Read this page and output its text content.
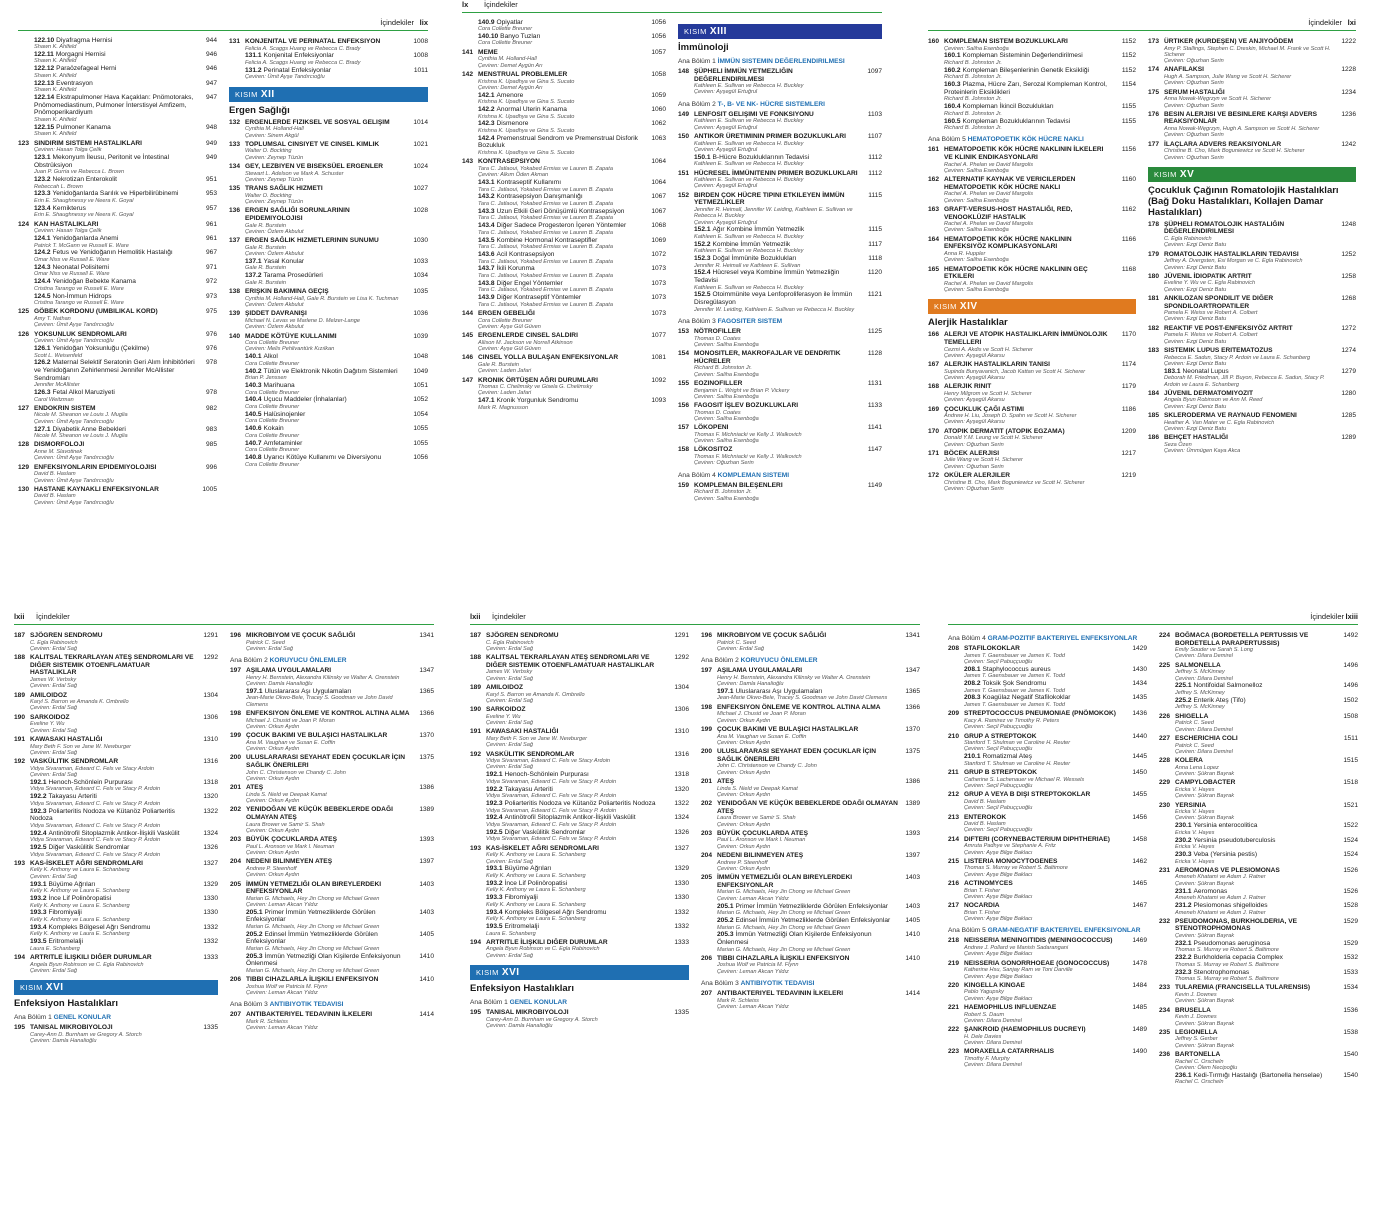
İçindekiler lix
122.10 Diyafragma Hernisi	944
Shawn K. Ahlfeld
122.11 Morgagni Hernisi	946
Shawn K. Ahlfeld
122.12 Paraözefageal Herni	946
Shawn K. Ahlfeld
122.13 Eventrasyon	947
Shawn K. Ahlfeld
122.14 Ekstrapulmoner Hava Kaçakları: Pnömotoraks, Pnömomediastinum, Pulmoner İnterstisyel Amfizem, Pnömoperikardiyum
947
Shawn K. Ahlfeld
122.15 Pulmoner Kanama	948
Shawn K. Ahlfeld
123 SINDIRIM SISTEMI HASTALIKLARI	949
Çeviren: Hasan Tolga Çelik
123.1 Mekonyum İleusu, Peritonit ve İntestinal Obstrüksiyon
949
Juan P. Gurria ve Rebecca L. Brown
123.2 Nekrotizan Enterokolit	951
Rebeccah L. Brown
123.3 Yenidoğanlarda Sarılık ve Hiperbilirübinemi	953
Erin E. Shaughnessy ve Neera K. Goyal
123.4 Kernikterus	957
Erin E. Shaughnessy ve Neera K. Goyal
124 KAN HASTALIKLARI	961
Çeviren: Hasan Tolga Çelik
124.1 Yenidoğanlarda Anemi	961
Patrick T. McGann ve Russell E. Ware
124.2 Fetus ve Yenidoğanın Hemolitik Hastalığı	967
Omar Niss ve Russell E. Ware
124.3 Neonatal Polisitemi	971
Omar Niss ve Russell E. Ware
124.4 Yenidoğan Bebekte Kanama	972
Cristina Tarango ve Russell E. Ware
124.5 Non-İmmun Hidrops	973
Cristina Tarango ve Russell E. Ware
125 GÖBEK KORDONU (UMBILIKAL KORD)	975
Amy T. Nathan
Çeviren: Ümit Ayşe Tandırcıoğlu
126 YOKSUNLUK SENDROMLARI	976
Çeviren: Ümit Ayşe Tandırcıoğlu
126.1 Yenidoğan Yoksunluğu (Çekilme)	976
Scott L. Weisenfeld
126.2 Maternal Selektif Seratonin Geri Alım İnhibitörleri ve Yenidoğanın Zehirlenmesi Jennifer McAllister Sendromları
978
Jennifer McAllister
126.3 Fetal Alkol Maruziyeti	978
Carol Weitzman
127 ENDOKRIN SISTEM	982
Nicole M. Sheanon ve Louis J. Muglia
Çeviren: Ümit Ayşe Tandırcıoğlu
127.1 Diyabetik Anne Bebekleri	983
Nicole M. Sheanon ve Louis J. Muglia
128 DISMORFOLOJI	985
Anne M. Slavotinek
Çeviren: Ümit Ayşe Tandırcıoğlu
129 ENFEKSIYONLARIN EPIDEMIYOLOJISI	996
David B. Haslam
Çeviren: Ümit Ayşe Tandırcıoğlu
130 HASTANE KAYNAKLI ENFEKSIYONLAR	1005
David B. Haslam
Çeviren: Ümit Ayşe Tandırcıoğlu
131 KONJENITAL VE PERINATAL ENFEKSIYON	1008
Felicia A. Scaggs Huang ve Rebecca C. Brady
131.1 Konjenital Enfeksiyonlar	1008
Felicia A. Scaggs Huang ve Rebecca C. Brady
131.2 Perinatal Enfeksiyonlar	1011
Çeviren: Ümit Ayşe Tandırcıoğlu
KISIM XII
Ergen Sağlığı
132 ERGENLERDE FIZIKSEL VE SOSYAL GELIŞIM	1014
Cynthia M. Holland-Hall
Çeviren: Sinem Akgül
133 TOPLUMSAL CINSIYET VE CINSEL KIMLIK	1021
Walter O. Bockting
Çeviren: Zeynep Tüzün
134 GEY, LEZBIYEN VE BISEKSÜEL ERGENLER	1024
Stewart L. Adelson ve Mark A. Schuster
Çeviren: Zeynep Tüzün
135 TRANS SAĞLIK HIZMETI	1027
Walter O. Bockting
Çeviren: Zeynep Tüzün
136 ERGEN SAĞLIĞI SORUNLARININ EPIDEMIYOLOJISI
1028
Gale R. Burstein
Çeviren: Özlem Akbulut
137 ERGEN SAĞLIK HIZMETLERININ SUNUMU	1030
Gale R. Burstein
Çeviren: Özlem Akbulut
137.1 Yasal Konular	1033
Gale R. Burstein
137.2 Tarama Prosedürleri	1034
Gale R. Burstein
138 ERIŞKIN BAKIMINA GEÇIŞ	1035
Cynthia M. Holland-Hall, Gale R. Burstein ve Lisa K. Tuchman
Çeviren: Özlem Akbulut
139 ŞIDDET DAVRANIŞI	1036
Michael N. Levas ve Marlene D. Melzer-Lange
Çeviren: Özlem Akbulut
140 MADDE KÖTÜYE KULLANIMI	1039
Cora Collette Breuner
Çeviren: Melis Pehlivantürk Kızılkan
140.1 Alkol	1048
Cora Collette Breuner
140.2 Tütün ve Elektronik Nikotin Dağıtım Sistemleri	1049
Brian P. Jenssen
140.3 Marihuana	1051
Cora Collette Breuner
140.4 Uçucu Maddeler (İnhalanlar)	1052
Cora Collette Breuner
140.5 Halüsinojenler	1054
Cora Collette Breuner
140.6 Kokain	1055
Cora Collette Breuner
140.7 Amfetaminler	1055
Cora Collette Breuner
140.8 Uyarıcı Kötüye Kullanımı ve Diversiyonu	1056
Cora Collette Breuner
İçindekiler
lx
140.9 Opiyatlar	1056
Cora Collette Breuner
140.10 Banyo Tuzları	1056
Cora Collette Breuner
141 MEME	1057
Cynthia M. Holland-Hall
Çeviren: Demet Aygün Arı
142 MENSTRUAL PROBLEMLER	1058
Krishna K. Upadhya ve Gina S. Sucato
Çeviren: Demet Aygün Arı
142.1 Amenore	1059
Krishna K. Upadhya ve Gina S. Sucato
142.2 Anormal Uterin Kanama	1060
Krishna K. Upadhya ve Gina S. Sucato
142.3 Dismenore	1062
Krishna K. Upadhya ve Gina S. Sucato
142.4 Premenstrual Sendrom ve Premenstrual Disforik Bozukluk
1063
Krishna K. Upadhya ve Gina S. Sucato
143 KONTRASEPSIYON	1064
Tara C. Jatlaoui, Yokabed Ermias ve Lauren B. Zapata
Çeviren: Alkım Öden Akman
143.1 Kontraseptif Kullanımı	1064
Tara C. Jatlaoui, Yokabed Ermias ve Lauren B. Zapata
143.2 Kontrasepsiyon Danışmanlığı	1067
Tara C. Jatlaoui, Yokabed Ermias ve Lauren B. Zapata
143.3 Uzun Etkili Geri Dönüşümlü Kontrasepsiyon	1067
Tara C. Jatlaoui, Yokabed Ermias ve Lauren B. Zapata
143.4 Diğer Sadece Progesteron İçeren Yöntemler	1068
Tara C. Jatlaoui, Yokabed Ermias ve Lauren B. Zapata
143.5 Kombine Hormonal Kontraseptifler	1069
Tara C. Jatlaoui, Yokabed Ermias ve Lauren B. Zapata
143.6 Acil Kontrasepsiyon	1072
Tara C. Jatlaoui, Yokabed Ermias ve Lauren B. Zapata
143.7 İkili Korunma	1073
Tara C. Jatlaoui, Yokabed Ermias ve Lauren B. Zapata
143.8 Diğer Engel Yöntemler	1073
Tara C. Jatlaoui, Yokabed Ermias ve Lauren B. Zapata
143.9 Diğer Kontraseptif Yöntemler	1073
Tara C. Jatlaoui, Yokabed Ermias ve Lauren B. Zapata
144 ERGEN GEBELIĞI	1073
Cora Collette Breuner
Çeviren: Ayşe Gül Güven
145 ERGENLERDE CINSEL SALDIRI	1077
Allison M. Jackson ve Norrell Atkinson
Çeviren: Ayşe Gül Güven
146 CINSEL YOLLA BULAŞAN ENFEKSIYONLAR	1081
Gale R. Burstein
Çeviren: Laden Jafari
147 KRONIK ÖRTÜŞEN AĞRI DURUMLARI	1092
Thomas C. Chelimsky ve Gisela G. Chelimsky
Çeviren: Laden Jafari
147.1 Kronik Yorgunluk Sendromu	1093
Mark R. Magnusson
KISIM XIII
İmmünoloji
Ana Bölüm 1 İMMÜN SISTEMIN DEĞERLENDIRILMESI
148 ŞÜPHELI İMMÜN YETMEZLIĞIN DEĞERLENDIRILMESI
1097
Kathleen E. Sullivan ve Rebecca H. Buckley
Çeviren: Ayşegül Ertuğrul
Ana Bölüm 2 T-, B- VE NK- HÜCRE SISTEMLERI
149 LENFOSIT GELIŞIMI VE FONKSIYONU	1103
Kathleen E. Sullivan ve Rebecca H. Buckley
Çeviren: Ayşegül Ertuğrul
150 ANTIKOR ÜRETIMININ PRIMER BOZUKLUKLARI	1107
Kathleen E. Sullivan ve Rebecca H. Buckley
Çeviren: Ayşegül Ertuğrul
150.1 B-Hücre Bozukluklarının Tedavisi	1112
Kathleen E. Sullivan ve Rebecca H. Buckley
151 HÜCRESEL İMMÜNITENIN PRIMER BOZUKLUKLARI	1112
Kathleen E. Sullivan ve Rebecca H. Buckley
Çeviren: Ayşegül Ertuğrul
152 BIRDEN ÇOK HÜCRE TIPINI ETKILEYEN İMMÜN YETMEZLIKLER
1115
Jennifer R. Heimall, Jennifer W. Leiding, Kathleen E. Sullivan ve Rebecca H. Buckley
Çeviren: Ayşegül Ertuğrul
152.1 Ağır Kombine İmmün Yetmezlik	1115
Kathleen E. Sullivan ve Rebecca H. Buckley
152.2 Kombine İmmün Yetmezlik	1117
Kathleen E. Sullivan ve Rebecca H. Buckley
152.3 Doğal İmmünite Bozuklukları	1118
Jennifer R. Heimall ve Kathleen E. Sullivan
152.4 Hücresel veya Kombine İmmün Yetmezliğin Tedavisi
1120
Kathleen E. Sullivan ve Rebecca H. Buckley
152.5 Otoimmünite veya Lenfoproliferasyon ile İmmün Disregülasyon
1121
Jennifer W. Leiding, Kathleen E. Sullivan ve Rebecca H. Buckley
Ana Bölüm 3 FAGOSITER SISTEM
153 NÖTROFILLER	1125
Thomas D. Coates
Çeviren: Saliha Esenboğa
154 MONOSITLER, MAKROFAJLAR VE DENDRITIK HÜCRELER
1128
Richard B. Johnston Jr.
Çeviren: Saliha Esenboğa
155 EOZINOFILLER	1131
Benjamin L. Wright ve Brian P. Vickery
Çeviren: Saliha Esenboğa
156 FAGOSIT İŞLEV BOZUKLUKLARI	1133
Thomas D. Coates
Çeviren: Saliha Esenboğa
157 LÖKOPENI	1141
Thomas F. Michniacki ve Kelly J. Walkovich
Çeviren: Saliha Esenboğa
158 LÖKOSITOZ	1147
Thomas F. Michniacki ve Kelly J. Walkovich
Çeviren: Oğuzhan Serin
Ana Bölüm 4 KOMPLEMAN SISTEMI
159 KOMPLEMAN BILEŞENLERI	1149
Richard B. Johnston Jr.
Çeviren: Saliha Esenboğa
İçindekiler lxi
160 KOMPLEMAN SISTEM BOZUKLUKLARI	1152
Çeviren: Saliha Esenboğa
160.1 Kompleman Sisteminin Değerlendirilmesi	1152
Richard B. Johnston Jr.
160.2 Kompleman Bileşenlerinin Genetik Eksikliği	1152
Richard B. Johnston Jr.
160.3 Plazma, Hücre Zarı, Serozal Kompleman Kontrol, Proteinlerin Eksiklikleri
1154
Richard B. Johnston Jr.
160.4 Kompleman İkincil Bozuklukları	1155
Richard B. Johnston Jr.
160.5 Kompleman Bozukluklarının Tedavisi	1155
Richard B. Johnston Jr.
Ana Bölüm 5 HEMATOPOETIK KÖK HÜCRE NAKLI
161 HEMATOPOETIK KÖK HÜCRE NAKLININ İLKELERI VE KLINIK ENDIKASYONLARI
1156
Rachel A. Phelan ve David Margolis
Çeviren: Saliha Esenboğa
162 ALTERNATIF KAYNAK VE VERICILERDEN HEMATOPOETIK KÖK HÜCRE NAKLI
1160
Rachel A. Phelan ve David Margolis
Çeviren: Saliha Esenboğa
163 GRAFT-VERSUS-HOST HASTALIĞI, RED, VENOOKLÜZIF HASTALIK
1162
Rachel A. Phelan ve David Margolis
Çeviren: Saliha Esenboğa
164 HEMATOPOETIK KÖK HÜCRE NAKLININ ENFEKSIYÖZ KOMPLIKASYONLARI
1166
Anna R. Huppler
Çeviren: Saliha Esenboğa
165 HEMATOPOETIK KÖK HÜCRE NAKLININ GEÇ ETKILERI
1168
Rachel A. Phelan ve David Margolis
Çeviren: Saliha Esenboğa
KISIM XIV
Alerjik Hastalıklar
166 ALERJI VE ATOPIK HASTALIKLARIN İMMÜNOLOJIK TEMELLERI
1170
Cezmi A. Akdis ve Scott H. Sicherer
Çeviren: Ayşegül Akarsu
167 ALERJIK HASTALIKLARIN TANISI	1174
Supinda Bunyavanich, Jacob Kattan ve Scott H. Sicherer
Çeviren: Ayşegül Akarsu
168 ALERJIK RINIT	1179
Henry Milgrom ve Scott H. Sicherer
Çeviren: Ayşegül Akarsu
169 ÇOCUKLUK ÇAĞI ASTIMI	1186
Andrew H. Liu, Joseph D. Spahn ve Scott H. Sicherer
Çeviren: Ayşegül Akarsu
170 ATOPIK DERMATIT (ATOPIK EGZAMA)	1209
Donald Y.M. Leung ve Scott H. Sicherer
Çeviren: Oğuzhan Serin
171 BÖCEK ALERJISI	1217
Julie Wang ve Scott H. Sicherer
Çeviren: Oğuzhan Serin
172 OKÜLER ALERJILER	1219
Christine B. Cho, Mark Boguniewicz ve Scott H. Sicherer
Çeviren: Oğuzhan Serin
173 ÜRTIKER (KURDEŞEN) VE ANJIYOÖDEM	1222
Amy P. Stallings, Stephen C. Dreskin, Michael M. Frank ve Scott H. Sicherer
Çeviren: Oğuzhan Serin
174 ANAFILAKSI	1228
Hugh A. Sampson, Julie Wang ve Scott H. Sicherer
Çeviren: Oğuzhan Serin
175 SERUM HASTALIĞI	1234
Anna Nowak-Węgrzyn ve Scott H. Sicherer
Çeviren: Oğuzhan Serin
176 BESIN ALERJISI VE BESINLERE KARŞI ADVERS REAKSIYONLAR
1236
Anna Nowak-Węgrzyn, Hugh A. Sampson ve Scott H. Sicherer
Çeviren: Oğuzhan Serin
177 İLAÇLARA ADVERS REAKSIYONLAR	1242
Christine B. Cho, Mark Boguniewicz ve Scott H. Sicherer
Çeviren: Oğuzhan Serin
KISIM XV
Çocukluk Çağının Romatolojik Hastalıkları (Bağ Doku Hastalıkları, Kollajen Damar Hastalıkları)
178 ŞÜPHELI ROMATOLOJIK HASTALIĞIN DEĞERLENDIRILMESI
1248
C. Egla Rabinovich
Çeviren: Ezgi Deniz Batu
179 ROMATOLOJIK HASTALIKLARIN TEDAVISI	1252
Jeffrey A. Dvergsten, Esi Morgan ve C. Egla Rabinovich
Çeviren: Ezgi Deniz Batu
180 JÜVENIL İDIOPATIK ARTRIT	1258
Eveline Y. Wu ve C. Egla Rabinovich
Çeviren: Ezgi Deniz Batu
181 ANKILOZAN SPONDILIT VE DIĞER SPONDILOARTROPATILER
1268
Pamela F. Weiss ve Robert A. Colbert
Çeviren: Ezgi Deniz Batu
182 REAKTIF VE POST-ENFEKSIYÖZ ARTRIT	1272
Pamela F. Weiss ve Robert A. Colbert
Çeviren: Ezgi Deniz Batu
183 SISTEMIK LUPUS ERITEMATOZUS	1274
Rebecca E. Sadun, Stacy P. Ardoin ve Laura E. Schanberg
Çeviren: Ezgi Deniz Batu
183.1 Neonatal Lupus	1279
Deborah M. Friedman, Jill P. Buyon, Rebecca E. Sadun, Stacy P. Ardoin ve Laura E. Schanberg
184 JÜVENIL DERMATOMIYOZIT	1280
Angela Byun Robinson ve Ann M. Reed
Çeviren: Ezgi Deniz Batu
185 SKLERODERMA VE RAYNAUD FENOMENI	1285
Heather A. Van Mater ve C. Egla Rabinovich
Çeviren: Ezgi Deniz Batu
186 BEHÇET HASTALIĞI	1289
Seza Özen
Çeviren: Ümmügen Kaya Akca
İçindekiler
lxii
187 SJÖGREN SENDROMU	1291
C. Egla Rabinovich
Çeviren: Erdal Sağ
188 KALITSAL TEKRARLAYAN ATEŞ SENDROMLARI VE DIĞER SISTEMIK OTOENFLAMATUAR HASTALIKLAR
1292
James W. Verbsky
Çeviren: Erdal Sağ
189 AMILOIDOZ	1304
Karyl S. Barron ve Amanda K. Ombrello
Çeviren: Erdal Sağ
190 SARKOIDOZ	1306
Eveline Y. Wu
Çeviren: Erdal Sağ
191 KAWASAKI HASTALIĞI	1310
Mary Beth F. Son ve Jane W. Newburger
Çeviren: Erdal Sağ
192 VASKÜLITIK SENDROMLAR	1316
Vidya Sivaraman, Edward C. Fels ve Stacy Ardoin
Çeviren: Erdal Sağ
192.1 Henoch-Schönlein Purpurası	1318
Vidya Sivaraman, Edward C. Fels ve Stacy P. Ardoin
192.2 Takayasu Arteriti	1320
Vidya Sivaraman, Edward C. Fels ve Stacy P. Ardoin
192.3 Poliarteritis Nodoza ve Kütanöz Poliarteritis Nodoza
1322
Vidya Sivaraman, Edward C. Fels ve Stacy P. Ardoin
192.4 Antinötrofil Sitoplazmik Antikor-İlişkili Vaskülit	1324
Vidya Sivaraman, Edward C. Fels ve Stacy P. Ardoin
192.5 Diğer Vaskülitik Sendromlar	1326
Vidya Sivaraman, Edward C. Fels ve Stacy P. Ardoin
193 KAS-İSKELET AĞRI SENDROMLARI	1327
Kelly K. Anthony ve Laura E. Schanberg
Çeviren: Erdal Sağ
193.1 Büyüme Ağrıları	1329
Kelly K. Anthony ve Laura E. Schanberg
193.2 İnce Lif Polinöropatisi	1330
Kelly K. Anthony ve Laura E. Schanberg
193.3 Fibromiyalji	1330
Kelly K. Anthony ve Laura E. Schanberg
193.4 Kompleks Bölgesel Ağrı Sendromu	1332
Kelly K. Anthony ve Laura E. Schanberg
193.5 Eritromelalji	1332
Laura E. Schanberg
194 ARTRITLE İLIŞKILI DIĞER DURUMLAR	1333
Angela Byun Robinson ve C. Egla Rabinovich
Çeviren: Erdal Sağ
KISIM XVI
Enfeksiyon Hastalıkları
Ana Bölüm 1 GENEL KONULAR
195 TANISAL MIKROBIYOLOJI	1335
Carey-Ann D. Burnham ve Gregory A. Storch
Çeviren: Damla Hanalioğlu
196 MIKROBIYOM VE ÇOCUK SAĞLIĞI	1341
Patrick C. Seed
Çeviren: Erdal Sağ
Ana Bölüm 2 KORUYUCU ÖNLEMLER
197 AŞILAMA UYGULAMALARI	1347
Henry H. Bernstein, Alexandra Kilinsky ve Walter A. Orenstein
Çeviren: Damla Hanalioğlu
197.1 Uluslararası Aşı Uygulamaları	1365
Jean-Marie Okwo-Bele, Tracey S. Goodman ve John David Clemens
198 ENFEKSIYON ÖNLEME VE KONTROL ALTINA ALMA	1366
Michael J. Chusid ve Joan P. Moran
Çeviren: Orkun Aydın
199 ÇOCUK BAKIMI VE BULAŞICI HASTALIKLAR	1370
Ana M. Vaughan ve Susan E. Coffin
Çeviren: Orkun Aydın
200 ULUSLARARASI SEYAHAT EDEN ÇOCUKLAR İÇIN SAĞLIK ÖNERILERI
1375
John C. Christenson ve Chandy C. John
Çeviren: Orkun Aydın
201 ATEŞ	1386
Linda S. Nield ve Deepak Kamat
Çeviren: Orkun Aydın
202 YENIDOĞAN VE KÜÇÜK BEBEKLERDE ODAĞI OLMAYAN ATEŞ
1389
Laura Brower ve Samir S. Shah
Çeviren: Orkun Aydın
203 BÜYÜK ÇOCUKLARDA ATEŞ	1393
Paul L. Aronson ve Mark I. Neuman
Çeviren: Orkun Aydın
204 NEDENI BILINMEYEN ATEŞ	1397
Andrew P. Steenhoff
Çeviren: Orkun Aydın
205 İMMÜN YETMEZLIĞI OLAN BIREYLERDEKI ENFEKSIYONLAR
1403
Marian G. Michaels, Hey Jin Chong ve Michael Green
Çeviren: Leman Akcan Yıldız
205.1 Primer İmmün Yetmezliklerde Görülen Enfeksiyonlar
1403
Marian G. Michaels, Hey Jin Chong ve Michael Green
205.2 Edinsel İmmün Yetmezliklerde Görülen Enfeksiyonlar
1405
Marian G. Michaels, Hey Jin Chong ve Michael Green
205.3 İmmün Yetmezliği Olan Kişilerde Enfeksiyonun Önlenmesi
1410
Marian G. Michaels, Hey Jin Chong ve Michael Green
206 TIBBI CIHAZLARLA İLIŞKILI ENFEKSIYON	1410
Joshua Wolf ve Patricia M. Flynn
Çeviren: Leman Akcan Yıldız
Ana Bölüm 3 ANTIBIYOTIK TEDAVISI
207 ANTIBAKTERIYEL TEDAVININ İLKELERI	1414
Mark R. Schleiss
Çeviren: Leman Akcan Yıldız
İçindekiler
lxii
187 SJÖGREN SENDROMU	1291
C. Egla Rabinovich
Çeviren: Erdal Sağ
188 KALITSAL TEKRARLAYAN ATEŞ SENDROMLARI VE DIĞER SISTEMIK OTOENFLAMATUAR HASTALIKLAR
1292
James W. Verbsky
Çeviren: Erdal Sağ
189 AMILOIDOZ	1304
Karyl S. Barron ve Amanda K. Ombrello
Çeviren: Erdal Sağ
190 SARKOIDOZ	1306
Eveline Y. Wu
Çeviren: Erdal Sağ
191 KAWASAKI HASTALIĞI	1310
Mary Beth F. Son ve Jane W. Newburger
Çeviren: Erdal Sağ
192 VASKÜLITIK SENDROMLAR	1316
Vidya Sivaraman, Edward C. Fels ve Stacy Ardoin
Çeviren: Erdal Sağ
192.1 Henoch-Schönlein Purpurası	1318
Vidya Sivaraman, Edward C. Fels ve Stacy P. Ardoin
192.2 Takayasu Arteriti	1320
Vidya Sivaraman, Edward C. Fels ve Stacy P. Ardoin
192.3 Poliarteritis Nodoza ve Kütanöz Poliarteritis Nodoza	1322
Vidya Sivaraman, Edward C. Fels ve Stacy P. Ardoin
192.4 Antinötrofil Sitoplazmik Antikor-İlişkili Vaskülit	1324
Vidya Sivaraman, Edward C. Fels ve Stacy P. Ardoin
192.5 Diğer Vaskülitik Sendromlar	1326
Vidya Sivaraman, Edward C. Fels ve Stacy P. Ardoin
193 KAS-İSKELET AĞRI SENDROMLARI	1327
Kelly K. Anthony ve Laura E. Schanberg
Çeviren: Erdal Sağ
193.1 Büyüme Ağrıları	1329
Kelly K. Anthony ve Laura E. Schanberg
193.2 İnce Lif Polinöropatisi	1330
Kelly K. Anthony ve Laura E. Schanberg
193.3 Fibromiyalji	1330
Kelly K. Anthony ve Laura E. Schanberg
193.4 Kompleks Bölgesel Ağrı Sendromu	1332
Kelly K. Anthony ve Laura E. Schanberg
193.5 Eritromelalji	1332
Laura E. Schanberg
194 ARTRITLE İLIŞKILI DIĞER DURUMLAR	1333
Angela Byun Robinson ve C. Egla Rabinovich
Çeviren: Erdal Sağ
KISIM XVI
Enfeksiyon Hastalıkları
Ana Bölüm 1 GENEL KONULAR
195 TANISAL MIKROBIYOLOJI	1335
Carey-Ann D. Burnham ve Gregory A. Storch
Çeviren: Damla Hanalioğlu
196 MIKROBIYOM VE ÇOCUK SAĞLIĞI	1341
Patrick C. Seed
Çeviren: Erdal Sağ
Ana Bölüm 2 KORUYUCU ÖNLEMLER
197 AŞILAMA UYGULAMALARI	1347
Henry H. Bernstein, Alexandra Kilinsky ve Walter A. Orenstein
Çeviren: Damla Hanalioğlu
197.1 Uluslararası Aşı Uygulamaları	1365
Jean-Marie Okwo-Bele, Tracey S. Goodman ve John David Clemens
198 ENFEKSIYON ÖNLEME VE KONTROL ALTINA ALMA	1366
Michael J. Chusid ve Joan P. Moran
Çeviren: Orkun Aydın
199 ÇOCUK BAKIMI VE BULAŞICI HASTALIKLAR	1370
Ana M. Vaughan ve Susan E. Coffin
Çeviren: Orkun Aydın
200 ULUSLARARASI SEYAHAT EDEN ÇOCUKLAR İÇIN SAĞLIK ÖNERILERI
1375
John C. Christenson ve Chandy C. John
Çeviren: Orkun Aydın
201 ATEŞ	1386
Linda S. Nield ve Deepak Kamat
Çeviren: Orkun Aydın
202 YENIDOĞAN VE KÜÇÜK BEBEKLERDE ODAĞI OLMAYAN ATEŞ
1389
Laura Brower ve Samir S. Shah
Çeviren: Orkun Aydın
203 BÜYÜK ÇOCUKLARDA ATEŞ	1393
Paul L. Aronson ve Mark I. Neuman
Çeviren: Orkun Aydın
204 NEDENI BILINMEYEN ATEŞ	1397
Andrew P. Steenhoff
Çeviren: Orkun Aydın
205 İMMÜN YETMEZLIĞI OLAN BIREYLERDEKI ENFEKSIYONLAR
1403
Marian G. Michaels, Hey Jin Chong ve Michael Green
Çeviren: Leman Akcan Yıldız
205.1 Primer İmmün Yetmezliklerde Görülen Enfeksiyonlar	1403
Marian G. Michaels, Hey Jin Chong ve Michael Green
205.2 Edinsel İmmün Yetmezliklerde Görülen Enfeksiyonlar	1405
Marian G. Michaels, Hey Jin Chong ve Michael Green
205.3 İmmün Yetmezliği Olan Kişilerde Enfeksiyonun Önlenmesi
1410
Marian G. Michaels, Hey Jin Chong ve Michael Green
206 TIBBI CIHAZLARLA İLIŞKILI ENFEKSIYON	1410
Joshua Wolf ve Patricia M. Flynn
Çeviren: Leman Akcan Yıldız
Ana Bölüm 3 ANTIBIYOTIK TEDAVISI
207 ANTIBAKTERIYEL TEDAVININ İLKELERI	1414
Mark R. Schleiss
Çeviren: Leman Akcan Yıldız
İçindekiler lxiii
Ana Bölüm 4 GRAM-POZITIF BAKTERIYEL ENFEKSIYONLAR
208 STAFILOKOKLAR	1429
James T. Gaensbauer ve James K. Todd
Çeviren: Seçil Pabuççuoğlu
208.1 Staphylococcus aureus	1430
James T. Gaensbauer ve James K. Todd
208.2 Toksik Şok Sendromu	1434
James T. Gaensbauer ve James K. Todd
208.3 Koagülaz Negatif Stafilokoklar	1435
James T. Gaensbauer ve James K. Todd
209 STREPTOCOCCUS PNEUMONIAE (PNÖMOKOK)	1436
Kacy A. Ramirez ve Timothy R. Peters
Çeviren: Seçil Pabuççuoğlu
210 GRUP A STREPTOKOK	1440
Stanford T. Shulman ve Caroline H. Reuter
Çeviren: Seçil Pabuççuoğlu
210.1 Romatizmal Ateş	1445
Stanford T. Shulman ve Caroline H. Reuter
211 GRUP B STREPTOKOK	1450
Catherine S. Lachenauer ve Michael R. Wessels
Çeviren: Seçil Pabuççuoğlu
212 GRUP A VEYA B DIŞI STREPTOKOKLAR	1455
David B. Haslam
Çeviren: Seçil Pabuççuoğlu
213 ENTEROKOK	1456
David B. Haslam
Çeviren: Seçil Pabuççuoğlu
214 DIFTERI (CORYNEBACTERIUM DIPHTHERIAE)	1458
Amruta Padhye ve Stephanie A. Fritz
Çeviren: Ayşe Bilge Baklacı
215 LISTERIA MONOCYTOGENES	1462
Thomas S. Murray ve Robert S. Baltimore
Çeviren: Ayşe Bilge Baklacı
216 ACTINOMYCES	1465
Brian T. Fisher
Çeviren: Ayşe Bilge Baklacı
217 NOCARDIA	1467
Brian T. Fisher
Çeviren: Ayşe Bilge Baklacı
Ana Bölüm 5 GRAM-NEGATIF BAKTERIYEL ENFEKSIYONLAR
218 NEISSERIA MENINGITIDIS (MENINGOCOCCUS)	1469
Andrew J. Pollard ve Manish Sadarangani
Çeviren: Ayşe Bilge Baklacı
219 NEISSERIA GONORRHOEAE (GONOCOCCUS)	1478
Katherine Hsu, Sanjay Ram ve Toni Darville
Çeviren: Ayşe Bilge Baklacı
220 KINGELLA KINGAE	1484
Pablo Yagupsky
Çeviren: Ayşe Bilge Baklacı
221 HAEMOPHILUS INFLUENZAE	1485
Robert S. Daum
Çeviren: Dilara Demirel
222 ŞANKROID (HAEMOPHILUS DUCREYI)	1489
H. Dele Davies
Çeviren: Dilara Demirel
223 MORAXELLA CATARRHALIS	1490
Timothy F. Murphy
Çeviren: Dilara Demirel
224 BOĞMACA (BORDETELLA PERTUSSIS VE BORDETELLA PARAPERTUSSIS)
1492
Emily Souder ve Sarah S. Long
Çeviren: Dilara Demirel
225 SALMONELLA	1496
Jeffrey S. McKinney
Çeviren: Dilara Demirel
225.1 Nontifoidal Salmonelloz	1496
Jeffrey S. McKinney
225.2 Enterik Ateş (Tifo)	1502
Jeffrey S. McKinney
226 SHIGELLA	1508
Patrick C. Seed
Çeviren: Dilara Demirel
227 ESCHERICHIA COLI	1511
Patrick C. Seed
Çeviren: Dilara Demirel
228 KOLERA	1515
Anna Lena Lopez
Çeviren: Şükran Bayrak
229 CAMPYLOBACTER	1518
Ericka V. Hayes
Çeviren: Şükran Bayrak
230 YERSINIA	1521
Ericka V. Hayes
Çeviren: Şükran Bayrak
230.1 Yersinia enterocolitica	1522
Ericka V. Hayes
230.2 Yersinia pseudotuberculosis	1524
Ericka V. Hayes
230.3 Veba (Yersinia pestis)	1524
Ericka V. Hayes
231 AEROMONAS VE PLESIOMONAS	1526
Ameneh Khatami ve Adam J. Ratner
Çeviren: Şükran Bayrak
231.1 Aeromonas	1526
Ameneh Khatami ve Adam J. Ratner
231.2 Plesiomonas shigelloides	1528
Ameneh Khatami ve Adam J. Ratner
232 PSEUDOMONAS, BURKHOLDERIA, VE STENOTROPHOMONAS
1529
Çeviren: Şükran Bayrak
232.1 Pseudomonas aeruginosa	1529
Thomas S. Murray ve Robert S. Baltimore
232.2 Burkholderia cepacia Complex	1532
Thomas S. Murray ve Robert S. Baltimore
232.3 Stenotrophomonas	1533
Thomas S. Murray ve Robert S. Baltimore
233 TULAREMIA (FRANCISELLA TULARENSIS)	1534
Kevin J. Downes
Çeviren: Şükran Bayrak
234 BRUSELLA	1536
Kevin J. Downes
Çeviren: Şükran Bayrak
235 LEGIONELLA	1538
Jeffrey S. Gerber
Çeviren: Şükran Bayrak
236 BARTONELLA	1540
Rachel C. Orscheln
Çeviren: Ölem Necipoğlu
236.1 Kedi-Tırmığı Hastalığı (Bartonella henselae)	1540
Rachel C. Orscheln
